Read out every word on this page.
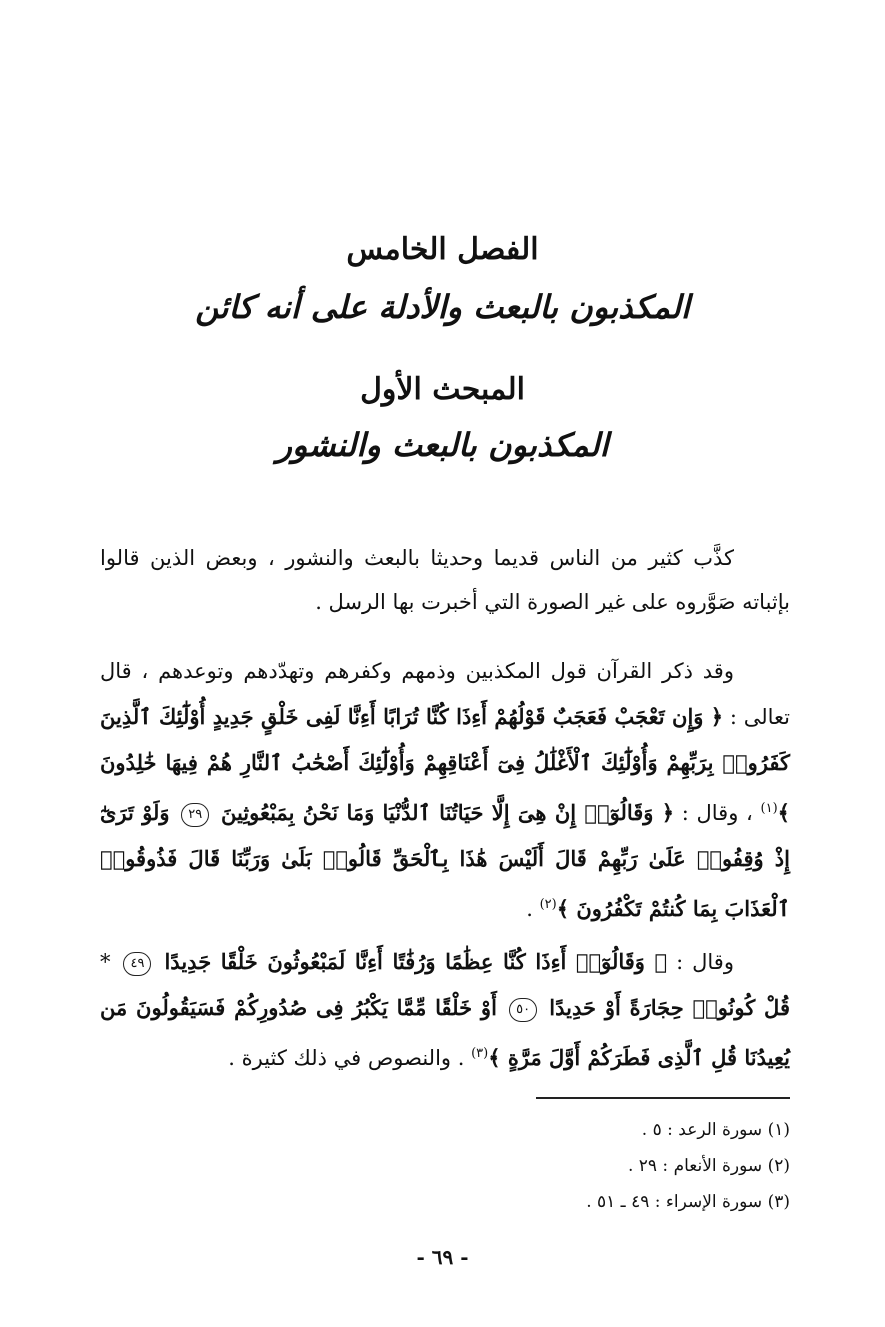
الفصل الخامس
المكذبون بالبعث والأدلة على أنه كائن
المبحث الأول
المكذبون بالبعث والنشور

كذَّب كثير من الناس قديما وحديثا بالبعث والنشور ، وبعض الذين قالوا بإثباته صَوَّروه على غير الصورة التي أخبرت بها الرسل .

وقد ذكر القرآن قول المكذبين وذمهم وكفرهم وتهدّدهم وتوعدهم ، قال تعالى : ﴿ وَإِن تَعْجَبْ فَعَجَبٌ قَوْلُهُمْ أَءِذَا كُنَّا تُرَابًا أَءِنَّا لَفِى خَلْقٍ جَدِيدٍ أُوْلَٰٓئِكَ ٱلَّذِينَ كَفَرُوا۟ بِرَبِّهِمْ وَأُوْلَٰٓئِكَ ٱلْأَغْلَٰلُ فِىٓ أَعْنَاقِهِمْ وَأُوْلَٰٓئِكَ أَصْحَٰبُ ٱلنَّارِ هُمْ فِيهَا خَٰلِدُونَ ﴾$^{(١)}$ ، وقال : ﴿ وَقَالُوٓا۟ إِنْ هِىَ إِلَّا حَيَاتُنَا ٱلدُّنْيَا وَمَا نَحْنُ بِمَبْعُوثِينَ ٢٩ وَلَوْ تَرَىٰٓ إِذْ وُقِفُوا۟ عَلَىٰ رَبِّهِمْ قَالَ أَلَيْسَ هَٰذَا بِٱلْحَقِّ قَالُوا۟ بَلَىٰ وَرَبِّنَا قَالَ فَذُوقُوا۟ ٱلْعَذَابَ بِمَا كُنتُمْ تَكْفُرُونَ ﴾$^{(٢)}$ .

وقال : ﴿ وَقَالُوٓا۟ أَءِذَا كُنَّا عِظَٰمًا وَرُفَٰتًا أَءِنَّا لَمَبْعُوثُونَ خَلْقًا جَدِيدًا ٤٩ * قُلْ كُونُوا۟ حِجَارَةً أَوْ حَدِيدًا ٥٠ أَوْ خَلْقًا مِّمَّا يَكْبُرُ فِى صُدُورِكُمْ فَسَيَقُولُونَ مَن يُعِيدُنَا قُلِ ٱلَّذِى فَطَرَكُمْ أَوَّلَ مَرَّةٍ ﴾$^{(٣)}$ . والنصوص في ذلك كثيرة .

(١) سورة الرعد : ٥ .

(٢) سورة الأنعام : ٢٩ .

(٣) سورة الإسراء : ٤٩ ـ ٥١ .

- ٦٩ -
